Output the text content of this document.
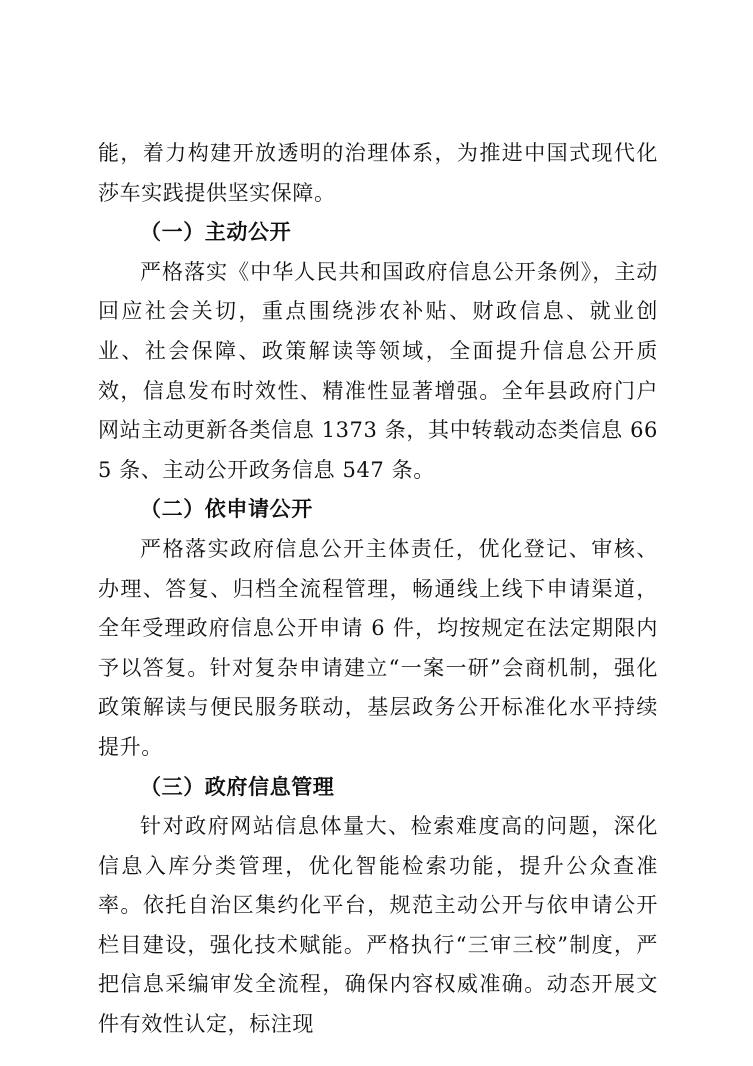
能，着力构建开放透明的治理体系，为推进中国式现代化莎车实践提供坚实保障。

（一）主动公开

严格落实《中华人民共和国政府信息公开条例》，主动回应社会关切，重点围绕涉农补贴、财政信息、就业创业、社会保障、政策解读等领域，全面提升信息公开质效，信息发布时效性、精准性显著增强。全年县政府门户网站主动更新各类信息 1373 条，其中转载动态类信息 665 条、主动公开政务信息 547 条。

（二）依申请公开

严格落实政府信息公开主体责任，优化登记、审核、办理、答复、归档全流程管理，畅通线上线下申请渠道，全年受理政府信息公开申请 6 件，均按规定在法定期限内予以答复。针对复杂申请建立“一案一研”会商机制，强化政策解读与便民服务联动，基层政务公开标准化水平持续提升。

（三）政府信息管理

针对政府网站信息体量大、检索难度高的问题，深化信息入库分类管理，优化智能检索功能，提升公众查准率。依托自治区集约化平台，规范主动公开与依申请公开栏目建设，强化技术赋能。严格执行“三审三校”制度，严把信息采编审发全流程，确保内容权威准确。动态开展文件有效性认定，标注现
